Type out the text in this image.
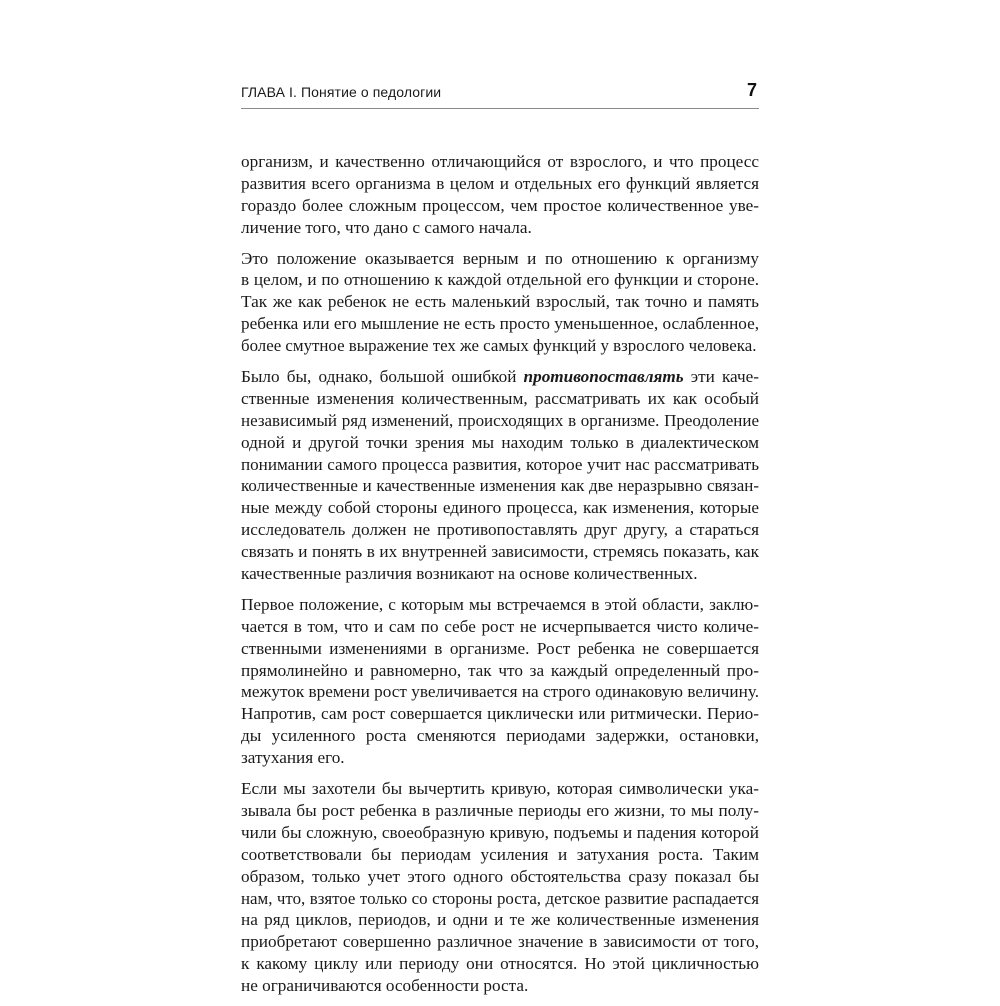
ГЛАВА I. Понятие о педологии	7
организм, и качественно отличающийся от взрослого, и что процесс
развития всего организма в целом и отдельных его функций является
гораздо более сложным процессом, чем простое количественное уве-
личение того, что дано с самого начала.
Это положение оказывается верным и по отношению к организму
в целом, и по отношению к каждой отдельной его функции и стороне.
Так же как ребенок не есть маленький взрослый, так точно и память
ребенка или его мышление не есть просто уменьшенное, ослабленное,
более смутное выражение тех же самых функций у взрослого человека.
Было бы, однако, большой ошибкой противопоставлять эти каче-
ственные изменения количественным, рассматривать их как особый
независимый ряд изменений, происходящих в организме. Преодоление
одной и другой точки зрения мы находим только в диалектическом
понимании самого процесса развития, которое учит нас рассматривать
количественные и качественные изменения как две неразрывно связан-
ные между собой стороны единого процесса, как изменения, которые
исследователь должен не противопоставлять друг другу, а стараться
связать и понять в их внутренней зависимости, стремясь показать, как
качественные различия возникают на основе количественных.
Первое положение, с которым мы встречаемся в этой области, заклю-
чается в том, что и сам по себе рост не исчерпывается чисто количе-
ственными изменениями в организме. Рост ребенка не совершается
прямолинейно и равномерно, так что за каждый определенный про-
межуток времени рост увеличивается на строго одинаковую величину.
Напротив, сам рост совершается циклически или ритмически. Перио-
ды усиленного роста сменяются периодами задержки, остановки,
затухания его.
Если мы захотели бы вычертить кривую, которая символически ука-
зывала бы рост ребенка в различные периоды его жизни, то мы полу-
чили бы сложную, своеобразную кривую, подъемы и падения которой
соответствовали бы периодам усиления и затухания роста. Таким
образом, только учет этого одного обстоятельства сразу показал бы
нам, что, взятое только со стороны роста, детское развитие распадается
на ряд циклов, периодов, и одни и те же количественные изменения
приобретают совершенно различное значение в зависимости от того,
к какому циклу или периоду они относятся. Но этой цикличностью
не ограничиваются особенности роста.
